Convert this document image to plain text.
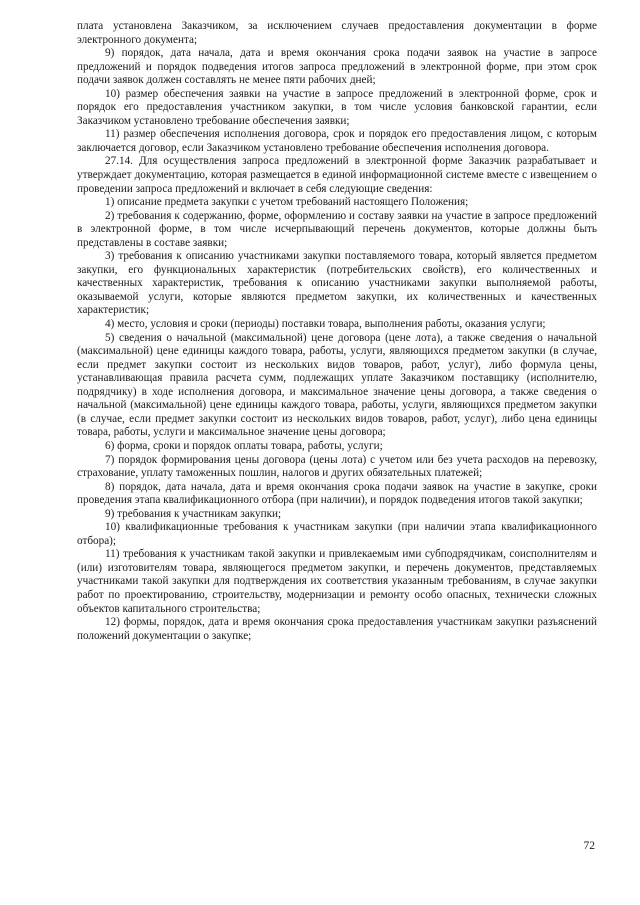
плата установлена Заказчиком, за исключением случаев предоставления документации в форме электронного документа;

9) порядок, дата начала, дата и время окончания срока подачи заявок на участие в запросе предложений и порядок подведения итогов запроса предложений в электронной форме, при этом срок подачи заявок должен составлять не менее пяти рабочих дней;

10) размер обеспечения заявки на участие в запросе предложений в электронной форме, срок и порядок его предоставления участником закупки, в том числе условия банковской гарантии, если Заказчиком установлено требование обеспечения заявки;

11) размер обеспечения исполнения договора, срок и порядок его предоставления лицом, с которым заключается договор, если Заказчиком установлено требование обеспечения исполнения договора.

27.14. Для осуществления запроса предложений в электронной форме Заказчик разрабатывает и утверждает документацию, которая размещается в единой информационной системе вместе с извещением о проведении запроса предложений и включает в себя следующие сведения:

1) описание предмета закупки с учетом требований настоящего Положения;

2) требования к содержанию, форме, оформлению и составу заявки на участие в запросе предложений в электронной форме, в том числе исчерпывающий перечень документов, которые должны быть представлены в составе заявки;

3) требования к описанию участниками закупки поставляемого товара, который является предметом закупки, его функциональных характеристик (потребительских свойств), его количественных и качественных характеристик, требования к описанию участниками закупки выполняемой работы, оказываемой услуги, которые являются предметом закупки, их количественных и качественных характеристик;

4) место, условия и сроки (периоды) поставки товара, выполнения работы, оказания услуги;

5) сведения о начальной (максимальной) цене договора (цене лота), а также сведения о начальной (максимальной) цене единицы каждого товара, работы, услуги, являющихся предметом закупки (в случае, если предмет закупки состоит из нескольких видов товаров, работ, услуг), либо формула цены, устанавливающая правила расчета сумм, подлежащих уплате Заказчиком поставщику (исполнителю, подрядчику) в ходе исполнения договора, и максимальное значение цены договора, а также сведения о начальной (максимальной) цене единицы каждого товара, работы, услуги, являющихся предметом закупки (в случае, если предмет закупки состоит из нескольких видов товаров, работ, услуг), либо цена единицы товара, работы, услуги и максимальное значение цены договора;

6) форма, сроки и порядок оплаты товара, работы, услуги;

7) порядок формирования цены договора (цены лота) с учетом или без учета расходов на перевозку, страхование, уплату таможенных пошлин, налогов и других обязательных платежей;

8) порядок, дата начала, дата и время окончания срока подачи заявок на участие в закупке, сроки проведения этапа квалификационного отбора (при наличии), и порядок подведения итогов такой закупки;

9) требования к участникам закупки;

10) квалификационные требования к участникам закупки (при наличии этапа квалификационного отбора);

11) требования к участникам такой закупки и привлекаемым ими субподрядчикам, соисполнителям и (или) изготовителям товара, являющегося предметом закупки, и перечень документов, представляемых участниками такой закупки для подтверждения их соответствия указанным требованиям, в случае закупки работ по проектированию, строительству, модернизации и ремонту особо опасных, технически сложных объектов капитального строительства;

12) формы, порядок, дата и время окончания срока предоставления участникам закупки разъяснений положений документации о закупке;

72
